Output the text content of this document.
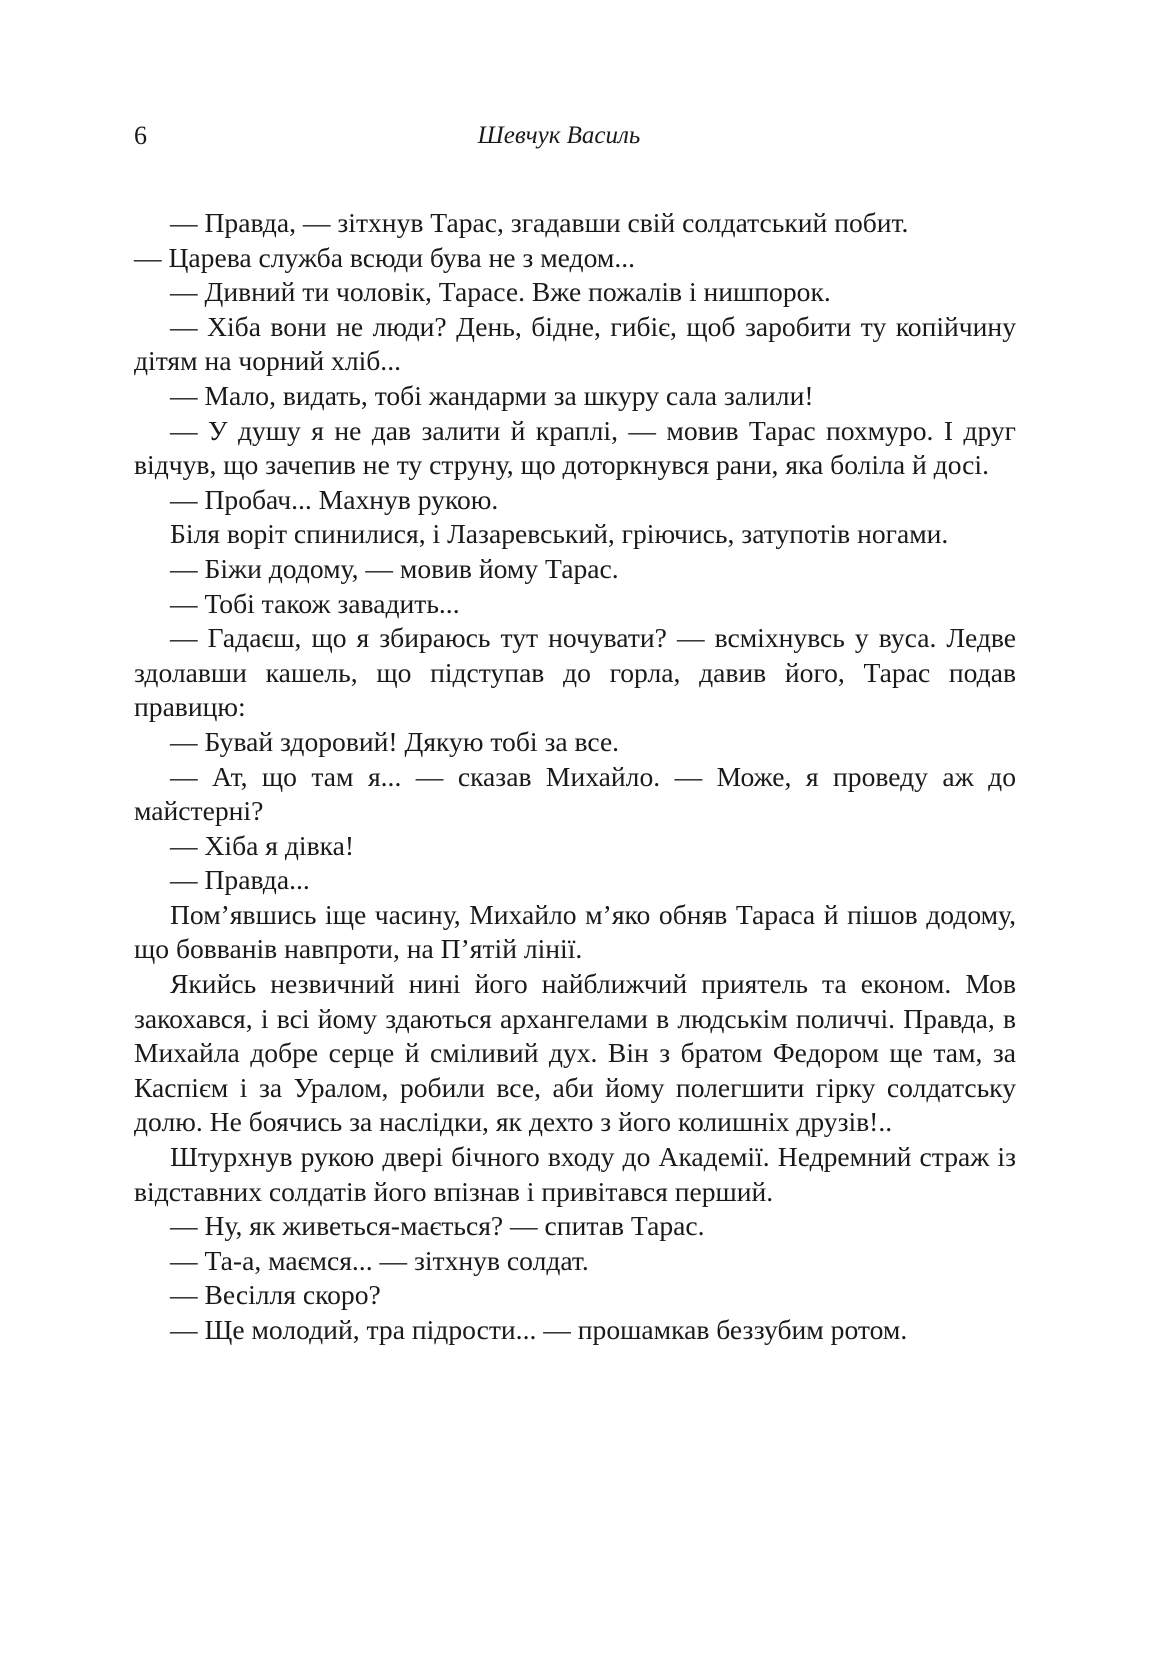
6	Шевчук Василь

— Правда, — зітхнув Тарас, згадавши свій солдатський побит.

— Царева служба всюди бува не з медом...

— Дивний ти чоловік, Тарасе. Вже пожалів і нишпорок.

— Хіба вони не люди? День, бідне, гибіє, щоб заробити ту копійчину дітям на чорний хліб...

— Мало, видать, тобі жандарми за шкуру сала залили!

— У душу я не дав залити й краплі, — мовив Тарас похмуро. І друг відчув, що зачепив не ту струну, що доторкнувся рани, яка боліла й досі.

— Пробач... Махнув рукою.

Біля воріт спинилися, і Лазаревський, гріючись, затупотів ногами.

— Біжи додому, — мовив йому Тарас.

— Тобі також завадить...

— Гадаєш, що я збираюсь тут ночувати? — всміхнувсь у вуса. Ледве здолавши кашель, що підступав до горла, давив його, Тарас подав правицю:

— Бувай здоровий! Дякую тобі за все.

— Ат, що там я... — сказав Михайло. — Може, я проведу аж до майстерні?

— Хіба я дівка!

— Правда...

Пом’явшись іще часину, Михайло м’яко обняв Тараса й пішов додому, що бовванів навпроти, на П’ятій лінії.

Якийсь незвичний нині його найближчий приятель та економ. Мов закохався, і всі йому здаються архангелами в людськім поличчі. Правда, в Михайла добре серце й сміливий дух. Він з братом Федором ще там, за Каспієм і за Уралом, робили все, аби йому полегшити гірку солдатську долю. Не боячись за наслідки, як дехто з його колишніх друзів!..

Штурхнув рукою двері бічного входу до Академії. Недремний страж із відставних солдатів його впізнав і привітався перший.

— Ну, як живеться-мається? — спитав Тарас.

— Та-а, маємся... — зітхнув солдат.

— Весілля скоро?

— Ще молодий, тра підрости... — прошамкав беззубим ротом.
